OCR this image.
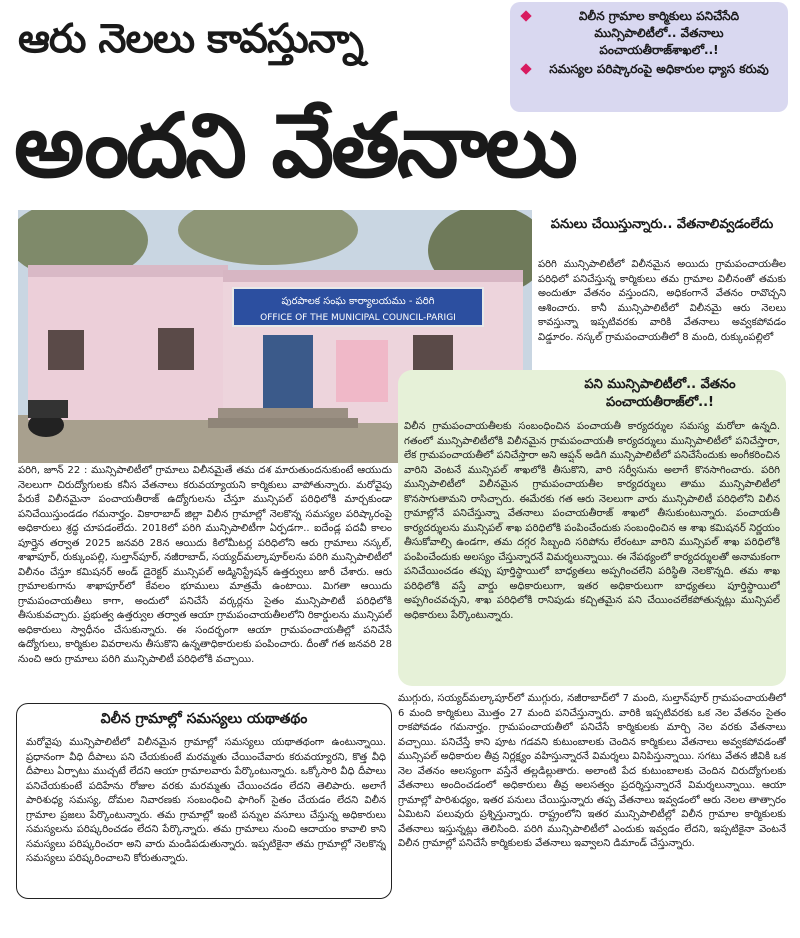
ఆరు నెలలు కావస్తున్నా	విలీన గ్రామాల కార్మికులు పనిచేసేది మున్సిపాలిటీలో.. వేతనాలు పంచాయతీరాజ్‌శాఖలో..!
సమస్యల పరిష్కారంపై అధికారుల ధ్యాస కరువు
అందని వేతనాలు
పురపాలక సంఘ కార్యాలయము - పరిగి
OFFICE OF THE MUNICIPAL COUNCIL-PARIGI
పనులు చేయిస్తున్నారు.. వేతనాలివ్వడంలేదు
పరిగి మున్సిపాలిటీలో విలీనమైన అయిదు గ్రామపంచాయతీల పరిధిలో పనిచేస్తున్న కార్మికులు తమ గ్రామాల విలీనంతో తమకు అందుతూ వేతనం వస్తుందని, అధికంగానే వేతనం రావొచ్చని ఆశించారు. కానీ మున్సిపాలిటీలో విలీనమై ఆరు నెలలు కావస్తున్నా ఇప్పటివరకు వారికి వేతనాలు అవ్వకపోవడం విడ్డూరం. నస్కల్ గ్రామపంచాయతీలో 8 మంది, రుక్కుంపల్లిలో
పని మున్సిపాలిటీలో.. వేతనం పంచాయతీరాజ్‌లో..!
విలీన గ్రామపంచాయతీలకు సంబంధించిన పంచాయతీ కార్యదర్శుల సమస్య మరోలా ఉన్నది. గతంలో మున్సిపాలిటీలోకి విలీనమైన గ్రామపంచాయతీ కార్యదర్శులు మున్సిపాలిటీలో పనిచేస్తారా, లేక గ్రామపంచాయతీలో పనిచేస్తారా అని ఆప్షన్ అడిగి మున్సిపాలిటీలో పనిచేసేందుకు అంగీకరించిన వారిని వెంటనే మున్సిపల్ శాఖలోకి తీసుకొని, వారి సర్వీసును అలాగే కొనసాగించారు. పరిగి మున్సిపాలిటీలో విలీనమైన గ్రామపంచాయతీల కార్యదర్శులు తాము మున్సిపాలిటీలో కొనసాగుతామని రాసిచ్చారు. ఈమేరకు గత ఆరు నెలలుగా వారు మున్సిపాలిటీ పరిధిలోని విలీన గ్రామాల్లోనే పనిచేస్తున్నా వేతనాలు పంచాయతీరాజ్ శాఖలో తీసుకుంటున్నారు. పంచాయతీ కార్యదర్శులను మున్సిపల్ శాఖ పరిధిలోకి పంపించేందుకు సంబంధించిన ఆ శాఖ కమిషనర్ నిర్ణయం తీసుకోవాల్సి ఉండగా, తమ దగ్గర సిబ్బంది సరిపోను లేరంటూ వారిని మున్సిపల్ శాఖ పరిధిలోకి పంపించేందుకు అలస్యం చేస్తున్నారనే విమర్శలున్నాయి. ఈ నేపథ్యంలో కార్యదర్శులతో అనామకంగా పనిచేయించడం తప్పు పూర్తిస్థాయిలో బాధ్యతలు అప్పగించలేని పరిస్థితి నెలకొన్నది. తమ శాఖ పరిధిలోకి వస్తే వార్డు అధికారులుగా, ఇతర అధికారులుగా బాధ్యతలు పూర్తిస్థాయిలో అప్పగించవచ్చని, శాఖ పరిధిలోకి రానిపుడు కచ్చితమైన పని చేయించలేకపోతున్నట్లు మున్సిపల్ అధికారులు పేర్కొంటున్నారు.
పరిగి, జూన్ 22 : మున్సిపాలిటీలో గ్రామాలు విలీనమైతే తమ దశ మారుతుందనుకుంటే ఆయుదు నెలలుగా చిరుద్యోగులకు కనీస వేతనాలు కరువయ్యాయని కార్మికులు వాపోతున్నారు. మరోవైపు పేరుకే విలీనమైనా పంచాయతీరాజ్ ఉద్యోగులను చేస్తూ మున్సిపల్ పరిధిలోకి మార్చకుండా పనిచేయిస్తుండడం గమనార్హం. వికారాబాద్ జిల్లా విలీన గ్రామాల్లో నెలకొన్న సమస్యల పరిష్కారంపై అధికారులు శ్రద్ధ చూపడంలేదు. 2018లో పరిగి మున్సిపాలిటీగా ఏర్పడగా.. ఐదేండ్ల పదవీ కాలం పూర్తైన తర్వాత 2025 జనవరి 28న ఆయిదు కిలోమీటర్ల పరిధిలోని ఆరు గ్రామాలు నస్కల్, శాఖాపూర్, రుక్కుంపల్లి, సుల్తాన్‌పూర్, నజీరాబాద్, సయ్యద్‌మల్కాపూర్‌లను పరిగి మున్సిపాలిటీలో విలీనం చేస్తూ కమిషనర్ అండ్ డైరెక్టర్ మున్సిపల్ అడ్మినిస్ట్రేషన్ ఉత్తర్వులు జారీ చేశారు. ఆరు గ్రామాలకుగాను శాఖాపూర్‌లో కేవలం భూములు మాత్రమే ఉంటాయి. మిగతా ఆయిదు గ్రామపంచాయతీలు కాగా, అందులో పనిచేసే వర్కర్లను సైతం మున్సిపాలిటీ పరిధిలోకి తీసుకువచ్చారు. ప్రభుత్వ ఉత్తర్వుల తర్వాత ఆయా గ్రామపంచాయతీలలోని రికార్డులను మున్సిపల్ అధికారులు స్వాధీనం చేసుకున్నారు. ఈ సందర్భంగా ఆయా గ్రామపంచాయతీల్లో పనిచేసే ఉద్యోగులు, కార్మికుల వివరాలను తీసుకొని ఉన్నతాధికారులకు పంపించారు. దీంతో గత జనవరి 28 నుంచి ఆరు గ్రామాలు పరిగి మున్సిపాలిటీ పరిధిలోకి వచ్చాయి.
విలీన గ్రామాల్లో సమస్యలు యథాతథం
మరోవైపు మున్సిపాలిటీలో విలీనమైన గ్రామాల్లో సమస్యలు యథాతథంగా ఉంటున్నాయి. ప్రధానంగా వీధి దీపాలు పని చేయకుంటే మరమ్మతు చేయించేవారు కరువయ్యారని, కొత్త వీధి దీపాలు ఏర్పాటు ముచ్చటే లేదని ఆయా గ్రామాలవారు పేర్కొంటున్నారు. ఒక్కోసారి వీధి దీపాలు పనిచేయకుంటే పదిహేను రోజుల వరకు మరమ్మతు చేయించడం లేదని తెలిపారు. అలాగే పారిశుధ్య సమస్య, దోమల నివారణకు సంబంధించి ఫాగింగ్ సైతం చేయడం లేదని విలీన గ్రామాల ప్రజలు పేర్కొంటున్నారు. తమ గ్రామాల్లో ఇంటి పన్నుల వసూలు చేస్తున్న అధికారులు సమస్యలను పరిష్కరించడం లేదని పేర్కొన్నారు. తమ గ్రామాలు నుంచి ఆదాయం కావాలి కాని సమస్యలు పరిష్కరించరా అని వారు మండిపడుతున్నారు. ఇప్పటికైనా తమ గ్రామాల్లో నెలకొన్న సమస్యలు పరిష్కరించాలని కోరుతున్నారు.
ముగ్గురు, సయ్యద్‌మల్కాపూర్‌లో ముగ్గురు, నజీరాబాద్‌లో 7 మంది, సుల్తాన్‌పూర్ గ్రామపంచాయతీలో 6 మంది కార్మికులు మొత్తం 27 మంది పనిచేస్తున్నారు. వారికి ఇప్పటివరకు ఒక నెల వేతనం సైతం రాకపోవడం గమనార్హం. గ్రామపంచాయతీలో పనిచేసే కార్మికులకు మార్చి నెల వరకు వేతనాలు వచ్చాయి. పనిచేస్తే కాని పూట గడవని కుటుంబాలకు చెందిన కార్మికులు వేతనాలు అవ్వకపోవడంతో మున్సిపల్ అధికారుల తీవ్ర నిర్లక్ష్యం వహిస్తున్నారనే విమర్శలు వినిపిస్తున్నాయి. సగటు వేతన జీవికి ఒక నెల వేతనం ఆలస్యంగా వస్తేనే తల్లడిల్లుతారు. అలాంటి పేద కుటుంబాలకు చెందిన చిరుద్యోగులకు వేతనాలు అందించడంలో అధికారులు తీవ్ర అలసత్వం ప్రదర్శిస్తున్నారనే విమర్శలున్నాయి. ఆయా గ్రామాల్లో పారిశుధ్యం, ఇతర పనులు చేయిస్తున్నారు తప్ప వేతనాలు ఇవ్వడంలో ఆరు నెలల తాత్సారం ఏమిటని పలువురు ప్రశ్నిస్తున్నారు. రాష్ట్రంలోని ఇతర మున్సిపాలిటీల్లో విలీన గ్రామాల కార్మికులకు వేతనాలు ఇస్తున్నట్లు తెలిసింది. పరిగి మున్సిపాలిటీలో ఎందుకు ఇవ్వడం లేదని, ఇప్పటికైనా వెంటనే విలీన గ్రామాల్లో పనిచేసే కార్మికులకు వేతనాలు ఇవ్వాలని డిమాండ్ చేస్తున్నారు.
